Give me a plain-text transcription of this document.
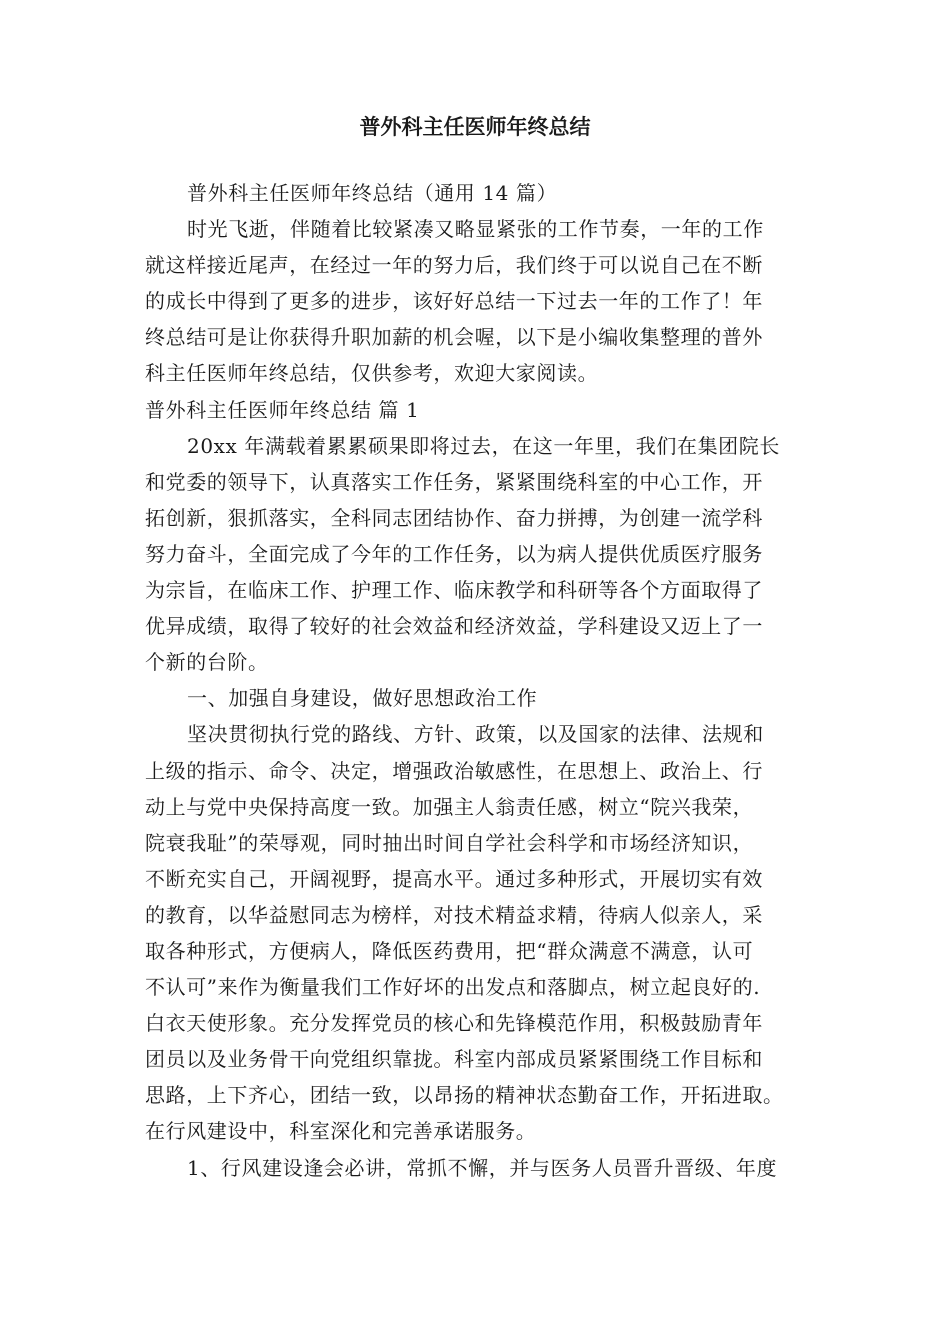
普外科主任医师年终总结

普外科主任医师年终总结（通用 14 篇）

时光飞逝，伴随着比较紧凑又略显紧张的工作节奏，一年的工作

就这样接近尾声，在经过一年的努力后，我们终于可以说自己在不断

的成长中得到了更多的进步，该好好总结一下过去一年的工作了！年

终总结可是让你获得升职加薪的机会喔，以下是小编收集整理的普外

科主任医师年终总结，仅供参考，欢迎大家阅读。

普外科主任医师年终总结 篇 1

20xx 年满载着累累硕果即将过去，在这一年里，我们在集团院长

和党委的领导下，认真落实工作任务，紧紧围绕科室的中心工作，开

拓创新，狠抓落实，全科同志团结协作、奋力拼搏，为创建一流学科

努力奋斗，全面完成了今年的工作任务，以为病人提供优质医疗服务

为宗旨，在临床工作、护理工作、临床教学和科研等各个方面取得了

优异成绩，取得了较好的社会效益和经济效益，学科建设又迈上了一

个新的台阶。

一、加强自身建设，做好思想政治工作

坚决贯彻执行党的路线、方针、政策，以及国家的法律、法规和

上级的指示、命令、决定，增强政治敏感性，在思想上、政治上、行

动上与党中央保持高度一致。加强主人翁责任感，树立“院兴我荣，

院衰我耻”的荣辱观，同时抽出时间自学社会科学和市场经济知识，

不断充实自己，开阔视野，提高水平。通过多种形式，开展切实有效

的教育，以华益慰同志为榜样，对技术精益求精，待病人似亲人，采

取各种形式，方便病人，降低医药费用，把“群众满意不满意，认可

不认可”来作为衡量我们工作好坏的出发点和落脚点，树立起良好的.

白衣天使形象。充分发挥党员的核心和先锋模范作用，积极鼓励青年

团员以及业务骨干向党组织靠拢。科室内部成员紧紧围绕工作目标和

思路，上下齐心，团结一致，以昂扬的精神状态勤奋工作，开拓进取。

在行风建设中，科室深化和完善承诺服务。

1、行风建设逢会必讲，常抓不懈，并与医务人员晋升晋级、年度
